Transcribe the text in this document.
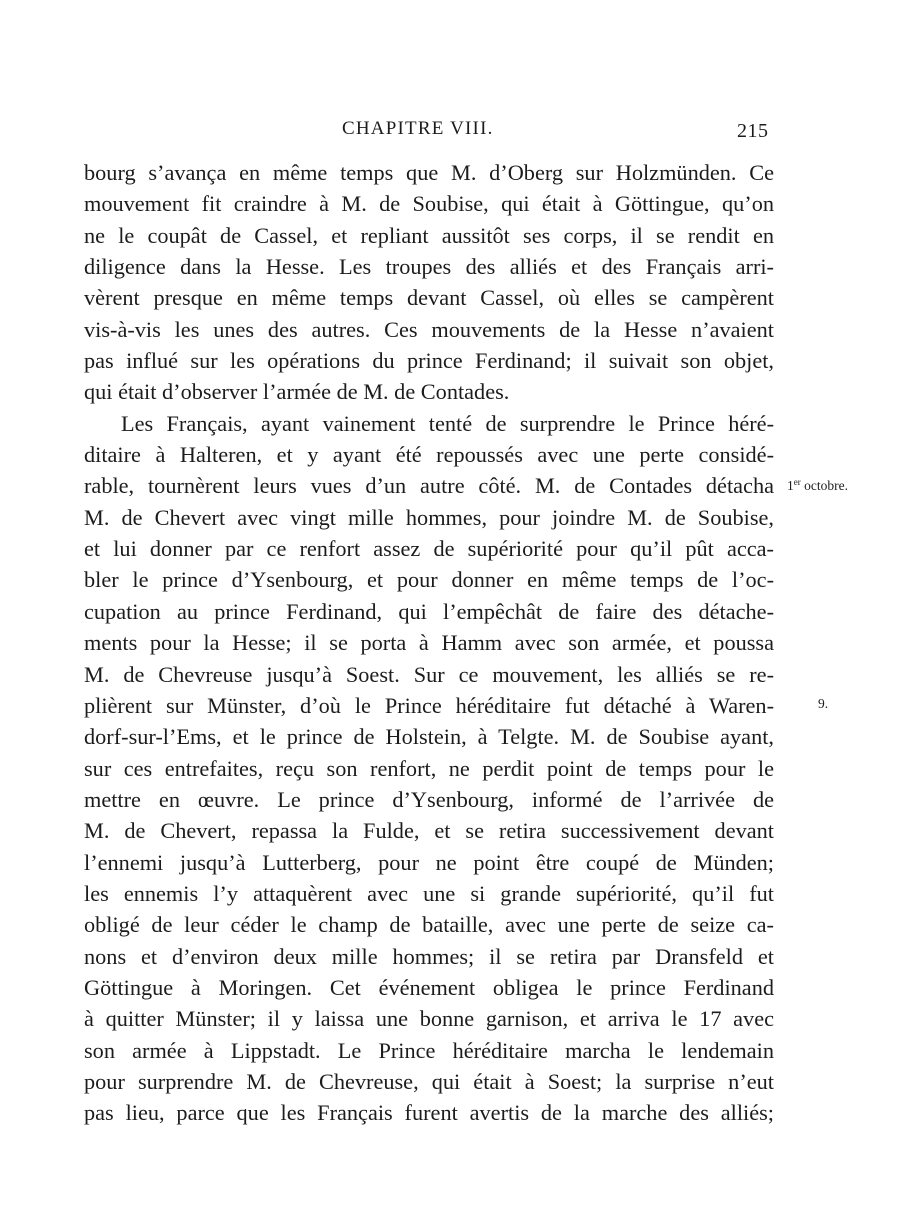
CHAPITRE VIII.	215
bourg s’avança en même temps que M. d’Oberg sur Holzmünden. Ce
mouvement fit craindre à M. de Soubise, qui était à Göttingue, qu’on
ne le coupât de Cassel, et repliant aussitôt ses corps, il se rendit en
diligence dans la Hesse. Les troupes des alliés et des Français arri-
vèrent presque en même temps devant Cassel, où elles se campèrent
vis-à-vis les unes des autres. Ces mouvements de la Hesse n’avaient
pas influé sur les opérations du prince Ferdinand; il suivait son objet,
qui était d’observer l’armée de M. de Contades.
Les Français, ayant vainement tenté de surprendre le Prince héré-
ditaire à Halteren, et y ayant été repoussés avec une perte considé-
rable, tournèrent leurs vues d’un autre côté. M. de Contades détacha
M. de Chevert avec vingt mille hommes, pour joindre M. de Soubise,
et lui donner par ce renfort assez de supériorité pour qu’il pût acca-
bler le prince d’Ysenbourg, et pour donner en même temps de l’oc-
cupation au prince Ferdinand, qui l’empêchât de faire des détache-
ments pour la Hesse; il se porta à Hamm avec son armée, et poussa
M. de Chevreuse jusqu’à Soest. Sur ce mouvement, les alliés se re-
plièrent sur Münster, d’où le Prince héréditaire fut détaché à Waren-
dorf-sur-l’Ems, et le prince de Holstein, à Telgte. M. de Soubise ayant,
sur ces entrefaites, reçu son renfort, ne perdit point de temps pour le
mettre en œuvre. Le prince d’Ysenbourg, informé de l’arrivée de
M. de Chevert, repassa la Fulde, et se retira successivement devant
l’ennemi jusqu’à Lutterberg, pour ne point être coupé de Münden;
les ennemis l’y attaquèrent avec une si grande supériorité, qu’il fut
obligé de leur céder le champ de bataille, avec une perte de seize ca-
nons et d’environ deux mille hommes; il se retira par Dransfeld et
Göttingue à Moringen. Cet événement obligea le prince Ferdinand
à quitter Münster; il y laissa une bonne garnison, et arriva le 17 avec
son armée à Lippstadt. Le Prince héréditaire marcha le lendemain
pour surprendre M. de Chevreuse, qui était à Soest; la surprise n’eut
pas lieu, parce que les Français furent avertis de la marche des alliés;
1er octobre.
9.
